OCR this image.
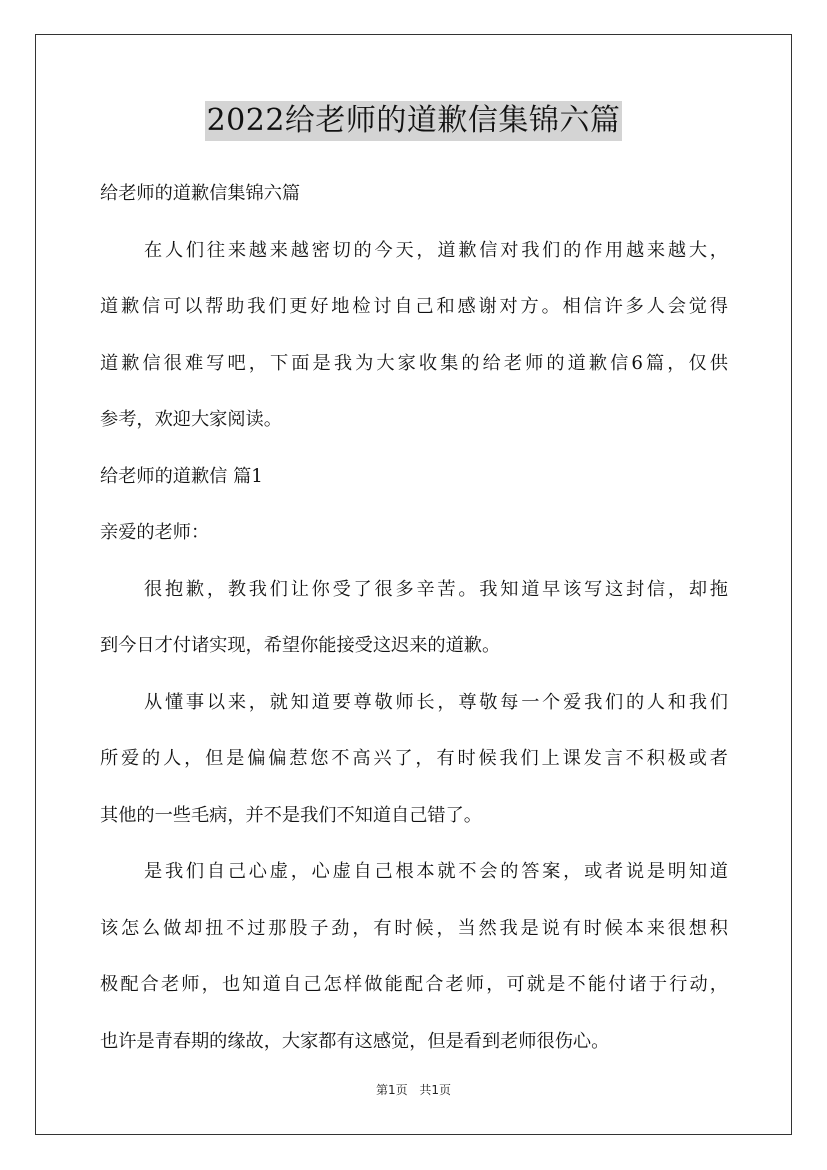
2022给老师的道歉信集锦六篇
给老师的道歉信集锦六篇
在人们往来越来越密切的今天，道歉信对我们的作用越来越大，
道歉信可以帮助我们更好地检讨自己和感谢对方。相信许多人会觉得
道歉信很难写吧，下面是我为大家收集的给老师的道歉信6篇，仅供
参考，欢迎大家阅读。
给老师的道歉信 篇1
亲爱的老师：
很抱歉，教我们让你受了很多辛苦。我知道早该写这封信，却拖
到今日才付诸实现，希望你能接受这迟来的道歉。
从懂事以来，就知道要尊敬师长，尊敬每一个爱我们的人和我们
所爱的人，但是偏偏惹您不高兴了，有时候我们上课发言不积极或者
其他的一些毛病，并不是我们不知道自己错了。
是我们自己心虚，心虚自己根本就不会的答案，或者说是明知道
该怎么做却扭不过那股子劲，有时候，当然我是说有时候本来很想积
极配合老师，也知道自己怎样做能配合老师，可就是不能付诸于行动，
也许是青春期的缘故，大家都有这感觉，但是看到老师很伤心。
第1页 共1页
